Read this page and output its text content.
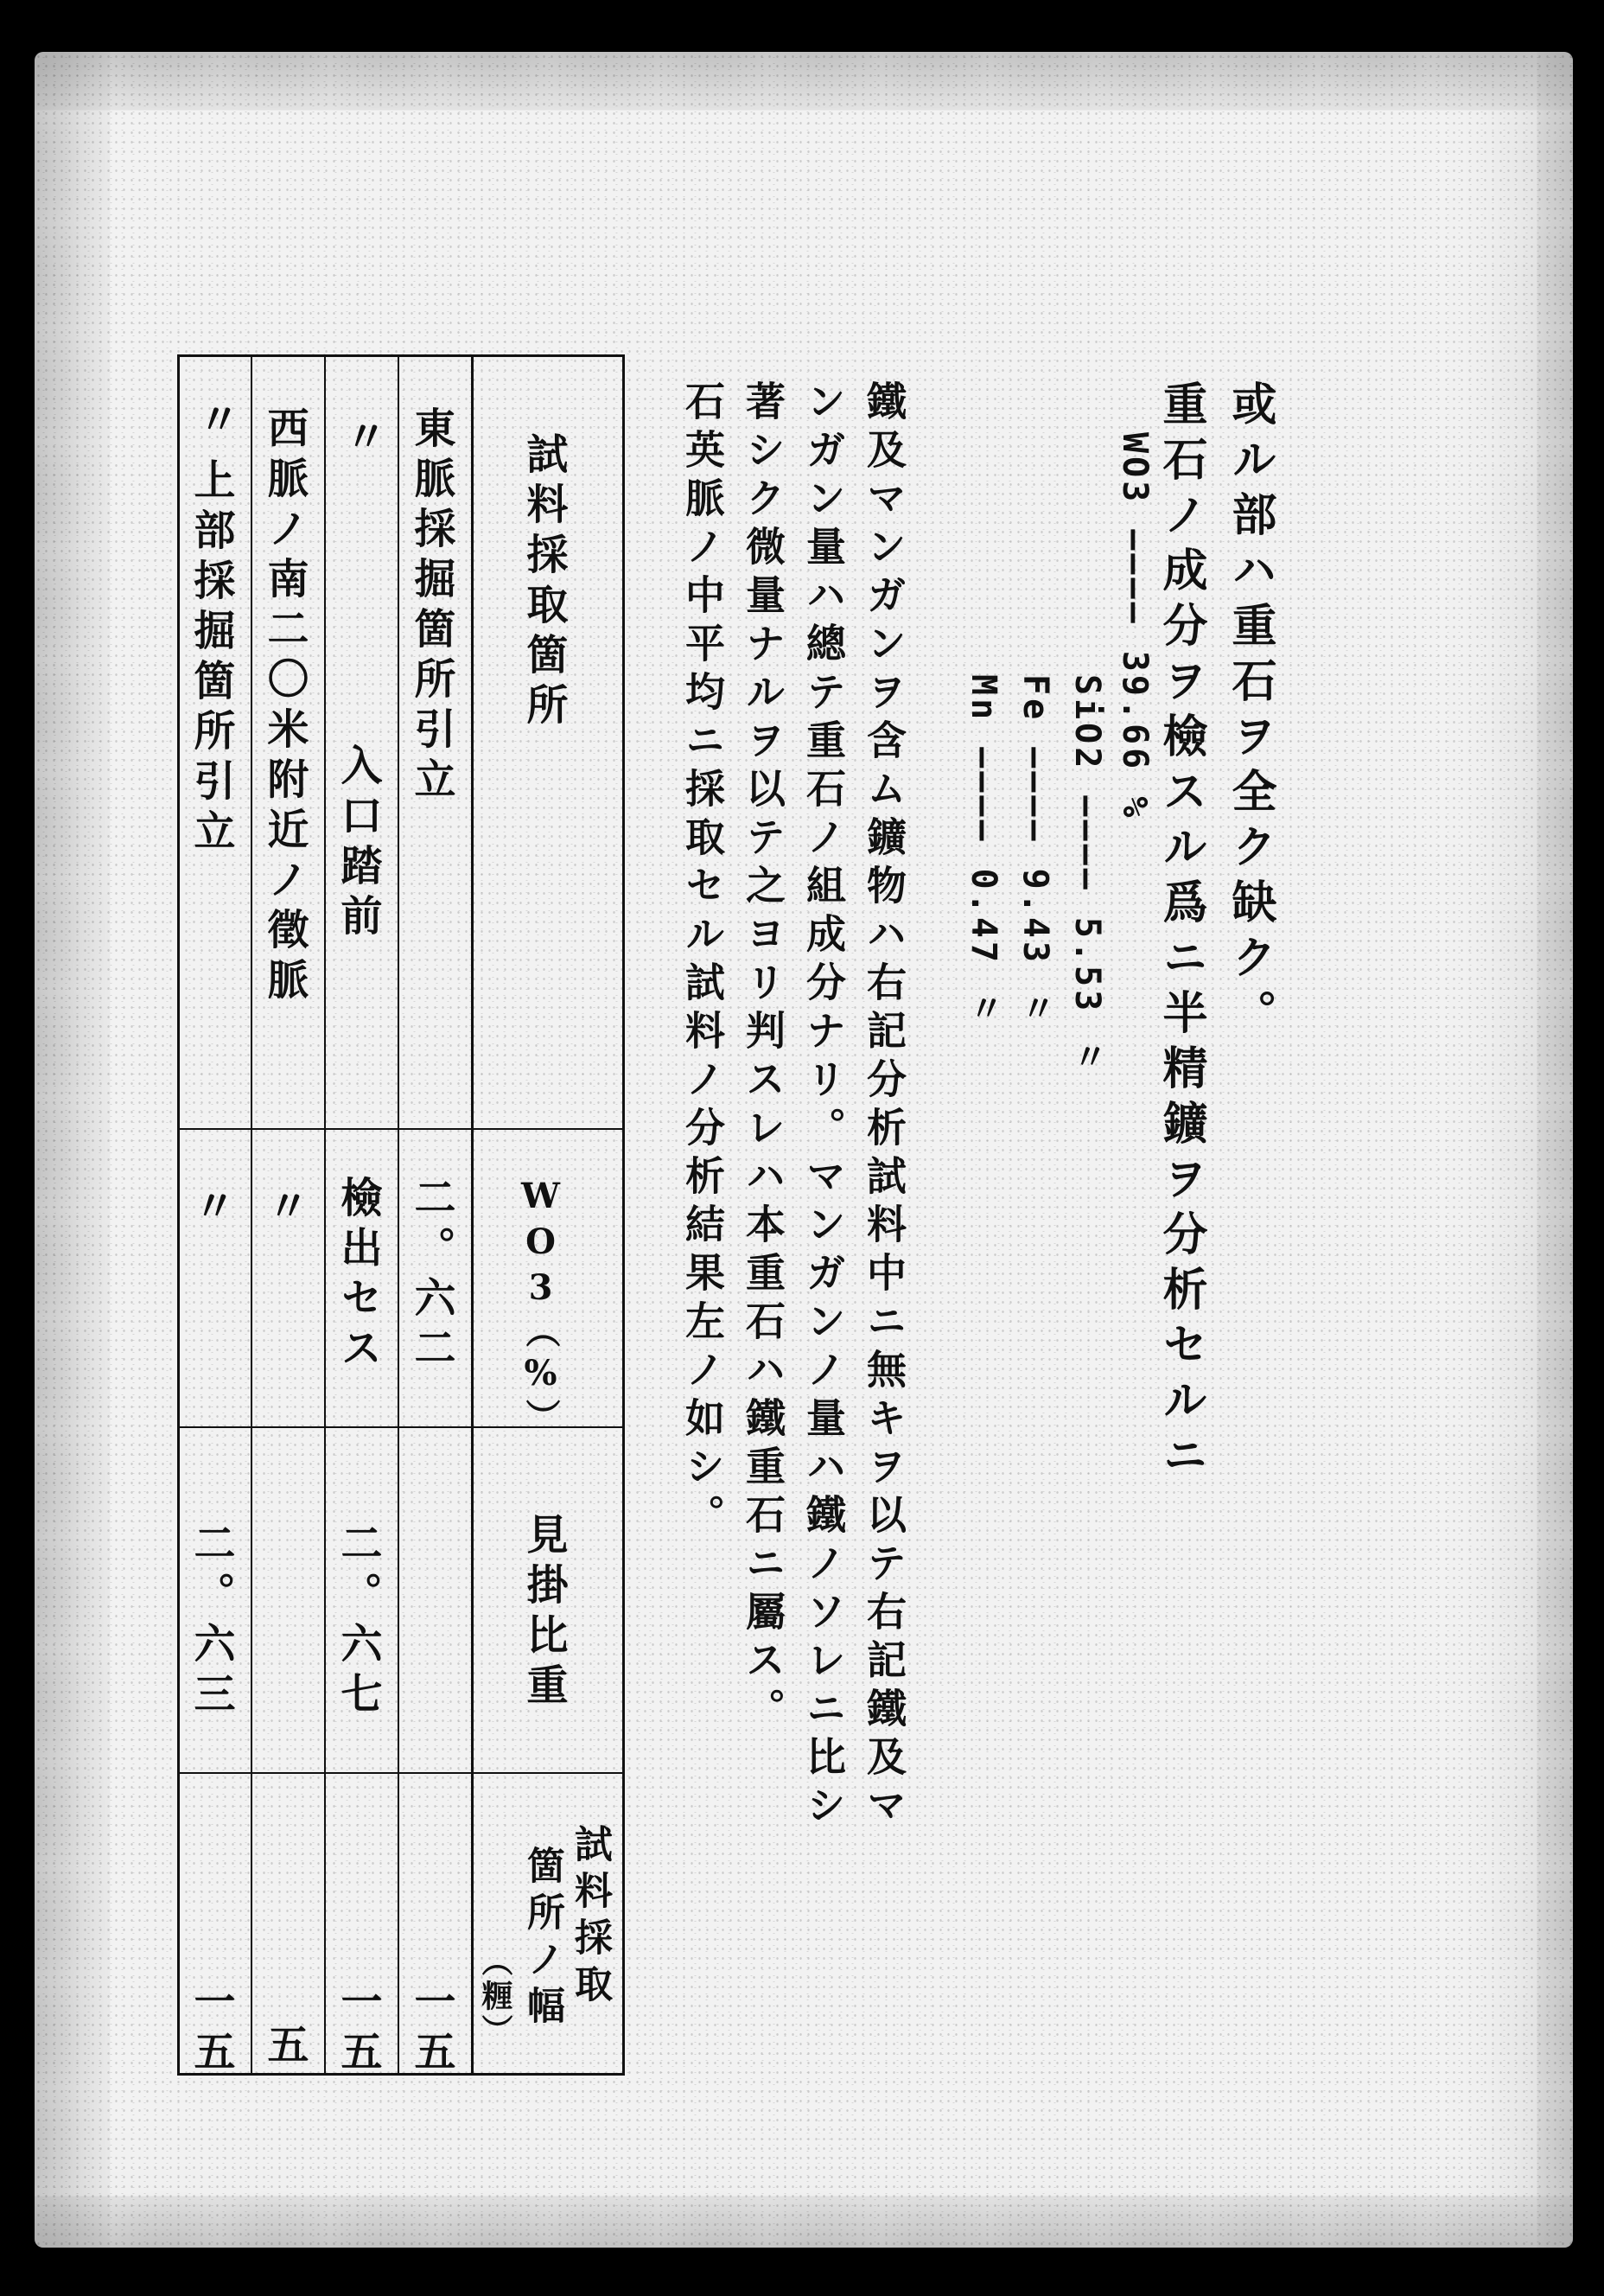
或ル部ハ重石ヲ全ク缺ク。
重石ノ成分ヲ檢スル爲ニ半精鑛ヲ分析セルニ
WO3 ———— 39.66 %
SiO2 ———— 5.53 〃
Fe ———— 9.43 〃
Mn ———— 0.47 〃
鐵及マンガンヲ含ム鑛物ハ右記分析試料中ニ無キヲ以テ右記鐵及マ
ンガン量ハ總テ重石ノ組成分ナリ。マンガンノ量ハ鐵ノソレニ比シ
著シク微量ナルヲ以テ之ヨリ判スレハ本重石ハ鐵重石ニ屬ス。
石英脈ノ中平均ニ採取セル試料ノ分析結果左ノ如シ。
試料採取箇所
WO3（%）
見掛比重
試料採取
箇所ノ幅
（糎）
東脈採掘箇所引立
二。六二
一五
〃
入口踏前
檢出セス
二。六七
一五
西脈ノ南二〇米附近ノ徵脈
〃
五
〃
上部採掘箇所引立
〃
二。六三
一五
